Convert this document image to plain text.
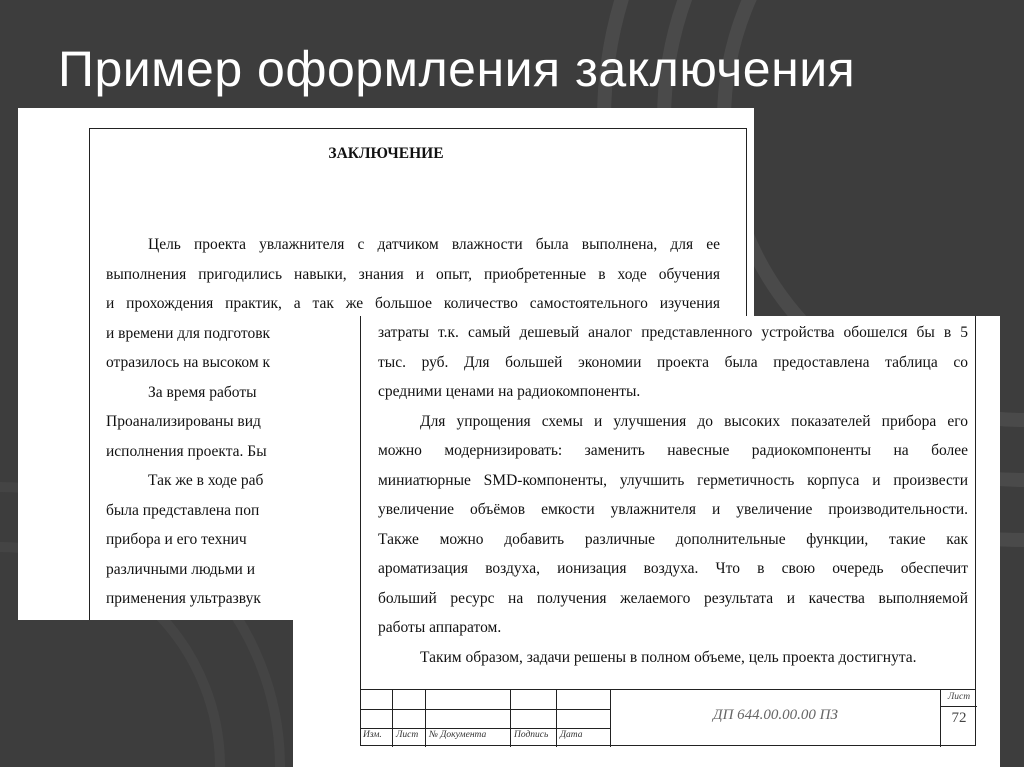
Пример оформления заключения
ЗАКЛЮЧЕНИЕ
Цель проекта увлажнителя с датчиком влажности была выполнена, для ее
выполнения пригодились навыки, знания и опыт, приобретенные в ходе обучения
и прохождения практик, а так же большое количество самостоятельного изучения
и времени для подготовк
отразилось на высоком к
За время работы
Проанализированы вид
исполнения проекта. Бы
Так же в ходе раб
была представлена поп
прибора и его технич
различными людьми и
применения ультразвук
затраты т.к. самый дешевый аналог представленного устройства обошелся бы в 5
тыс. руб. Для большей экономии проекта была предоставлена таблица со
средними ценами на радиокомпоненты.
Для упрощения схемы и улучшения до высоких показателей прибора его
можно модернизировать: заменить навесные радиокомпоненты на более
миниатюрные SMD-компоненты, улучшить герметичность корпуса и произвести
увеличение объёмов емкости увлажнителя и увеличение производительности.
Также можно добавить различные дополнительные функции, такие как
ароматизация воздуха, ионизация воздуха. Что в свою очередь обеспечит
больший ресурс на получения желаемого результата и качества выполняемой
работы аппаратом.
Таким образом, задачи решены в полном объеме, цель проекта достигнута.
Изм. Лист № Документа	Подпись Дата
ДП 644.00.00.00 ПЗ
Лист
72
